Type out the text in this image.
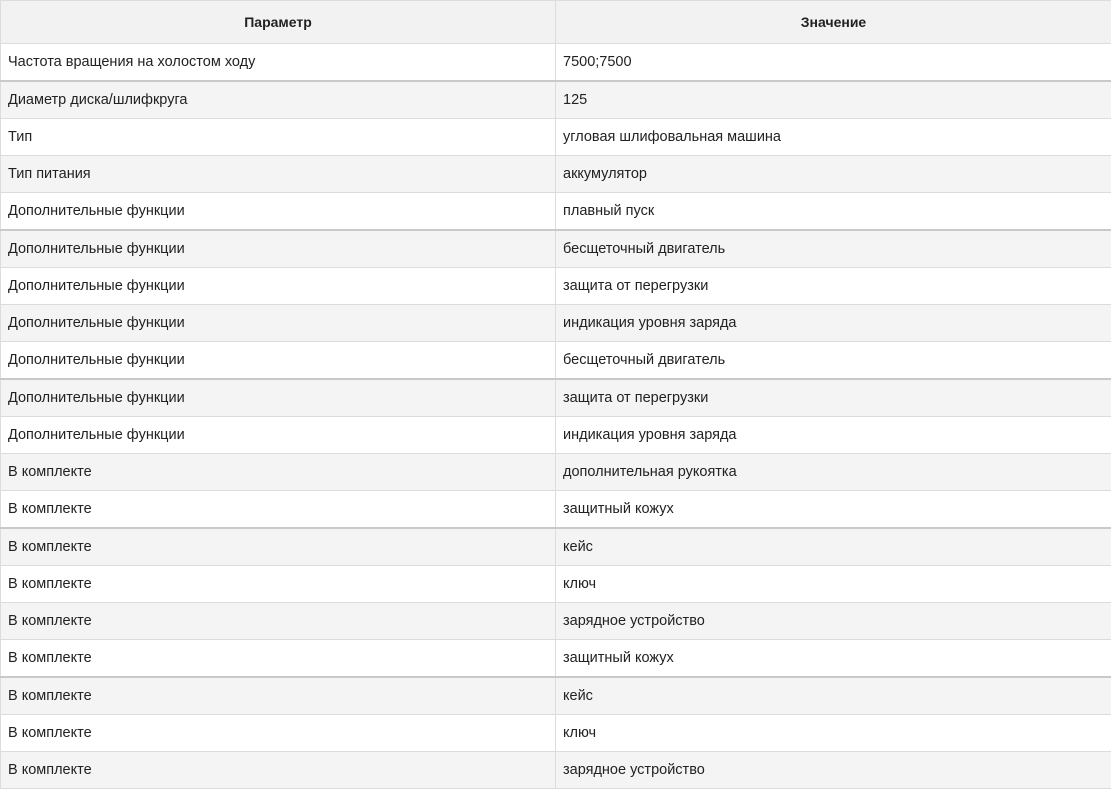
Параметр	Значение
Частота вращения на холостом ходу	7500;7500
Диаметр диска/шлифкруга	125
Тип	угловая шлифовальная машина
Тип питания	аккумулятор
Дополнительные функции	плавный пуск
Дополнительные функции	бесщеточный двигатель
Дополнительные функции	защита от перегрузки
Дополнительные функции	индикация уровня заряда
Дополнительные функции	бесщеточный двигатель
Дополнительные функции	защита от перегрузки
Дополнительные функции	индикация уровня заряда
В комплекте	дополнительная рукоятка
В комплекте	защитный кожух
В комплекте	кейс
В комплекте	ключ
В комплекте	зарядное устройство
В комплекте	защитный кожух
В комплекте	кейс
В комплекте	ключ
В комплекте	зарядное устройство
